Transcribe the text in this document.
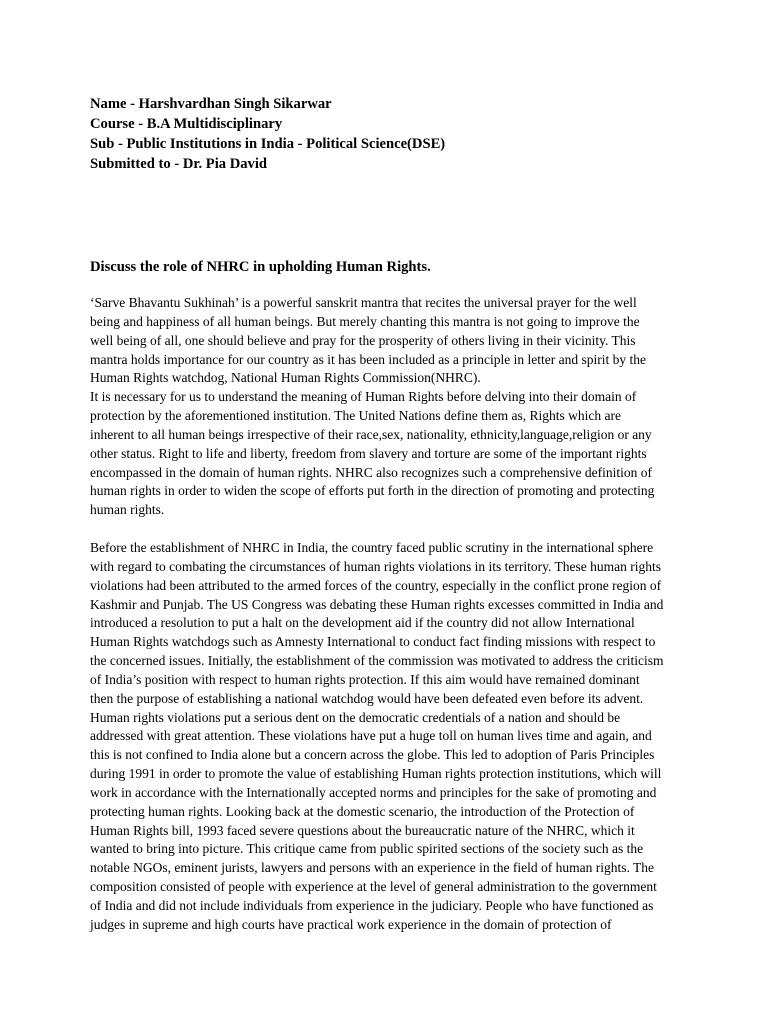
Name - Harshvardhan Singh Sikarwar

Course - B.A Multidisciplinary

Sub - Public Institutions in India - Political Science(DSE)

Submitted to - Dr. Pia David

Discuss the role of NHRC in upholding Human Rights.

‘Sarve Bhavantu Sukhinah’ is a powerful sanskrit mantra that recites the universal prayer for the well

being and happiness of all human beings. But merely chanting this mantra is not going to improve the

well being of all, one should believe and pray for the prosperity of others living in their vicinity. This

mantra holds importance for our country as it has been included as a principle in letter and spirit by the

Human Rights watchdog, National Human Rights Commission(NHRC).

It is necessary for us to understand the meaning of Human Rights before delving into their domain of

protection by the aforementioned institution. The United Nations define them as, Rights which are

inherent to all human beings irrespective of their race,sex, nationality, ethnicity,language,religion or any

other status. Right to life and liberty, freedom from slavery and torture are some of the important rights

encompassed in the domain of human rights. NHRC also recognizes such a comprehensive definition of

human rights in order to widen the scope of efforts put forth in the direction of promoting and protecting

human rights.

Before the establishment of NHRC in India, the country faced public scrutiny in the international sphere

with regard to combating the circumstances of human rights violations in its territory. These human rights

violations had been attributed to the armed forces of the country, especially in the conflict prone region of

Kashmir and Punjab. The US Congress was debating these Human rights excesses committed in India and

introduced a resolution to put a halt on the development aid if the country did not allow International

Human Rights watchdogs such as Amnesty International to conduct fact finding missions with respect to

the concerned issues. Initially, the establishment of the commission was motivated to address the criticism

of India’s position with respect to human rights protection. If this aim would have remained dominant

then the purpose of establishing a national watchdog would have been defeated even before its advent.

Human rights violations put a serious dent on the democratic credentials of a nation and should be

addressed with great attention. These violations have put a huge toll on human lives time and again, and

this is not confined to India alone but a concern across the globe. This led to adoption of Paris Principles

during 1991 in order to promote the value of establishing Human rights protection institutions, which will

work in accordance with the Internationally accepted norms and principles for the sake of promoting and

protecting human rights. Looking back at the domestic scenario, the introduction of the Protection of

Human Rights bill, 1993 faced severe questions about the bureaucratic nature of the NHRC, which it

wanted to bring into picture. This critique came from public spirited sections of the society such as the

notable NGOs, eminent jurists, lawyers and persons with an experience in the field of human rights. The

composition consisted of people with experience at the level of general administration to the government

of India and did not include individuals from experience in the judiciary. People who have functioned as

judges in supreme and high courts have practical work experience in the domain of protection of
